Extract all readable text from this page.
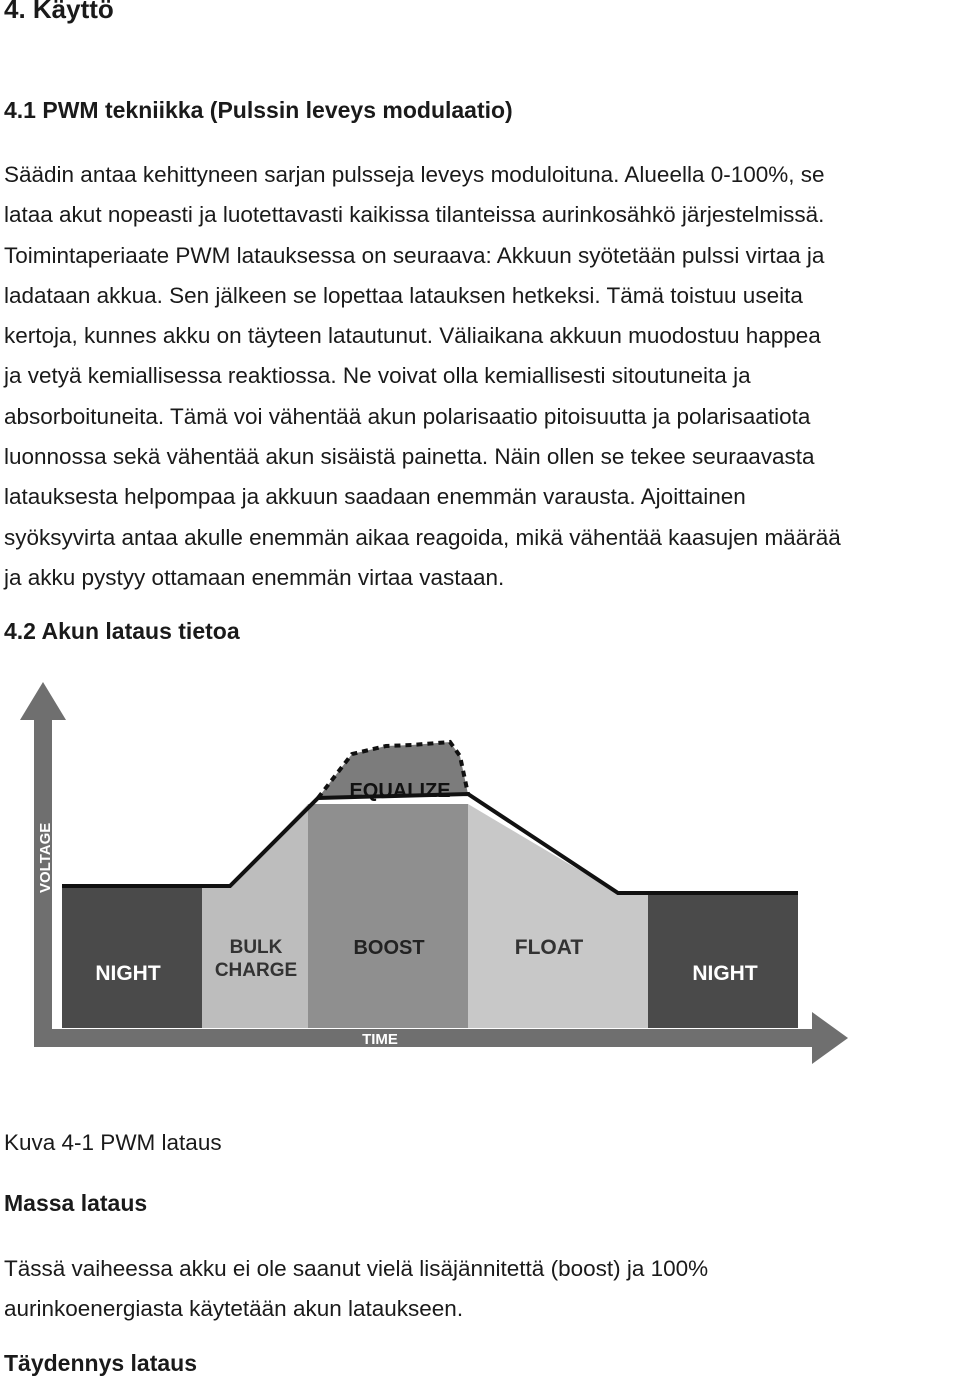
4. Käyttö
4.1 PWM tekniikka (Pulssin leveys modulaatio)
Säädin antaa kehittyneen sarjan pulsseja leveys moduloituna. Alueella 0-100%, se
lataa akut nopeasti ja luotettavasti kaikissa tilanteissa aurinkosähkö järjestelmissä.
Toimintaperiaate PWM latauksessa on seuraava: Akkuun syötetään pulssi virtaa ja
ladataan akkua. Sen jälkeen se lopettaa latauksen hetkeksi. Tämä toistuu useita
kertoja, kunnes akku on täyteen latautunut. Väliaikana akkuun muodostuu happea
ja vetyä kemiallisessa reaktiossa. Ne voivat olla kemiallisesti sitoutuneita ja
absorboituneita. Tämä voi vähentää akun polarisaatio pitoisuutta ja polarisaatiota
luonnossa sekä vähentää akun sisäistä painetta. Näin ollen se tekee seuraavasta
latauksesta helpompaa ja akkuun saadaan enemmän varausta. Ajoittainen
syöksyvirta antaa akulle enemmän aikaa reagoida, mikä vähentää kaasujen määrää
ja akku pystyy ottamaan enemmän virtaa vastaan.
4.2 Akun lataus tietoa
VOLTAGE
TIME
EQUALIZE
NIGHT
BULK
CHARGE
BOOST	FLOAT
NIGHT
Kuva 4-1 PWM lataus
Massa lataus
Tässä vaiheessa akku ei ole saanut vielä lisäjännitettä (boost) ja 100%
aurinkoenergiasta käytetään akun lataukseen.
Täydennys lataus
